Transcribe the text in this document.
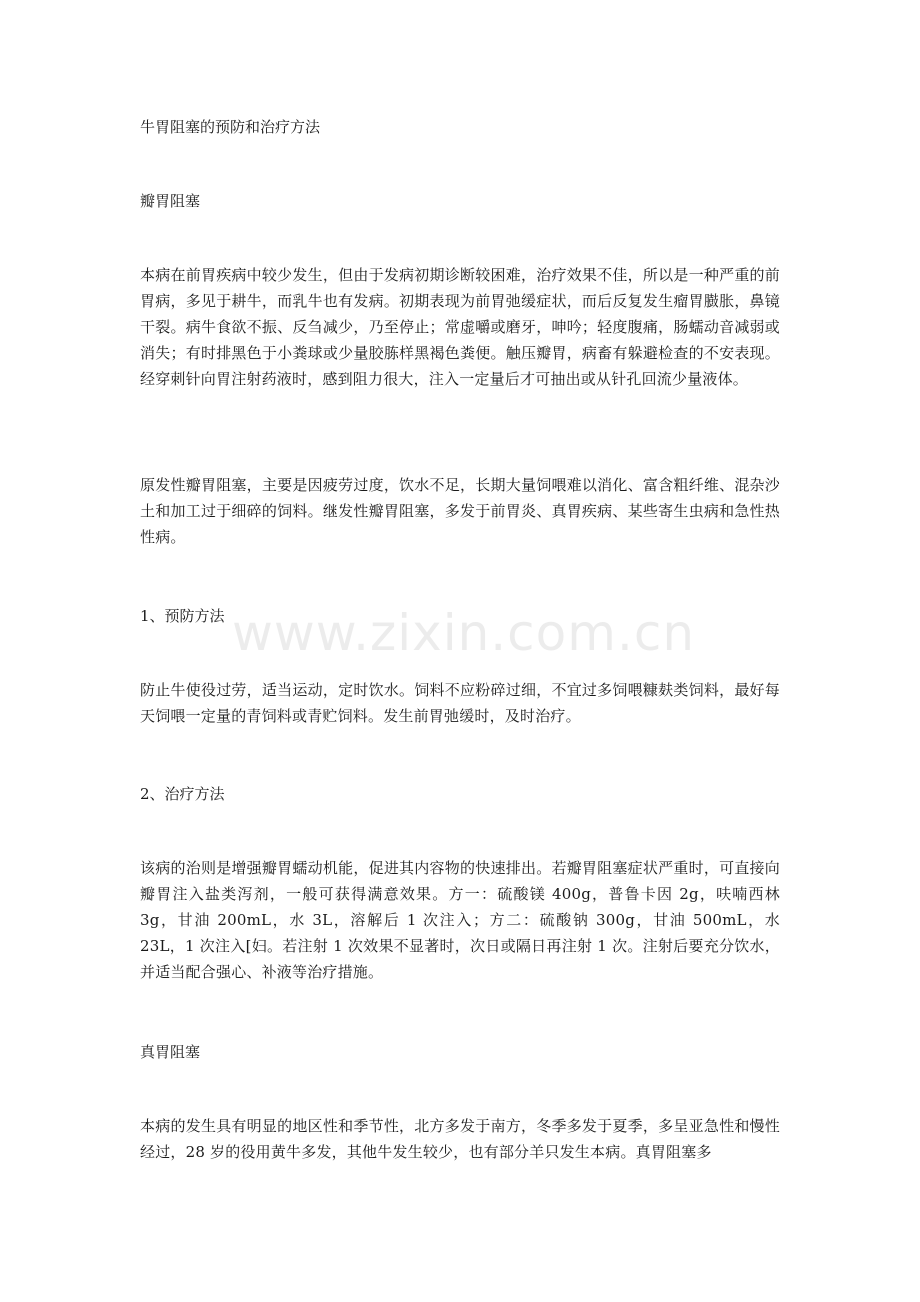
牛胃阻塞的预防和治疗方法

瓣胃阻塞

本病在前胃疾病中较少发生，但由于发病初期诊断较困难，治疗效果不佳，所以是一种严重的前胃病，多见于耕牛，而乳牛也有发病。初期表现为前胃弛缓症状，而后反复发生瘤胃臌胀，鼻镜干裂。病牛食欲不振、反刍减少，乃至停止；常虚嚼或磨牙，呻吟；轻度腹痛，肠蠕动音减弱或消失；有时排黑色于小粪球或少量胶胨样黑褐色粪便。触压瓣胃，病畜有躲避检查的不安表现。经穿刺针向胃注射药液时，感到阻力很大，注入一定量后才可抽出或从针孔回流少量液体。

原发性瓣胃阻塞，主要是因疲劳过度，饮水不足，长期大量饲喂难以消化、富含粗纤维、混杂沙土和加工过于细碎的饲料。继发性瓣胃阻塞，多发于前胃炎、真胃疾病、某些寄生虫病和急性热性病。

1、预防方法

防止牛使役过劳，适当运动，定时饮水。饲料不应粉碎过细，不宜过多饲喂糠麸类饲料，最好每天饲喂一定量的青饲料或青贮饲料。发生前胃弛缓时，及时治疗。

2、治疗方法

该病的治则是增强瓣胃蠕动机能，促进其内容物的快速排出。若瓣胃阻塞症状严重时，可直接向瓣胃注入盐类泻剂，一般可获得满意效果。方一：硫酸镁 400g，普鲁卡因 2g，呋喃西林 3g，甘油 200mL，水 3L，溶解后 1 次注入；方二：硫酸钠 300g，甘油 500mL，水 23L，1 次注入[妇。若注射 1 次效果不显著时，次日或隔日再注射 1 次。注射后要充分饮水，并适当配合强心、补液等治疗措施。

真胃阻塞

本病的发生具有明显的地区性和季节性，北方多发于南方，冬季多发于夏季，多呈亚急性和慢性经过，28 岁的役用黄牛多发，其他牛发生较少，也有部分羊只发生本病。真胃阻塞多

www.zixin.com.cn
